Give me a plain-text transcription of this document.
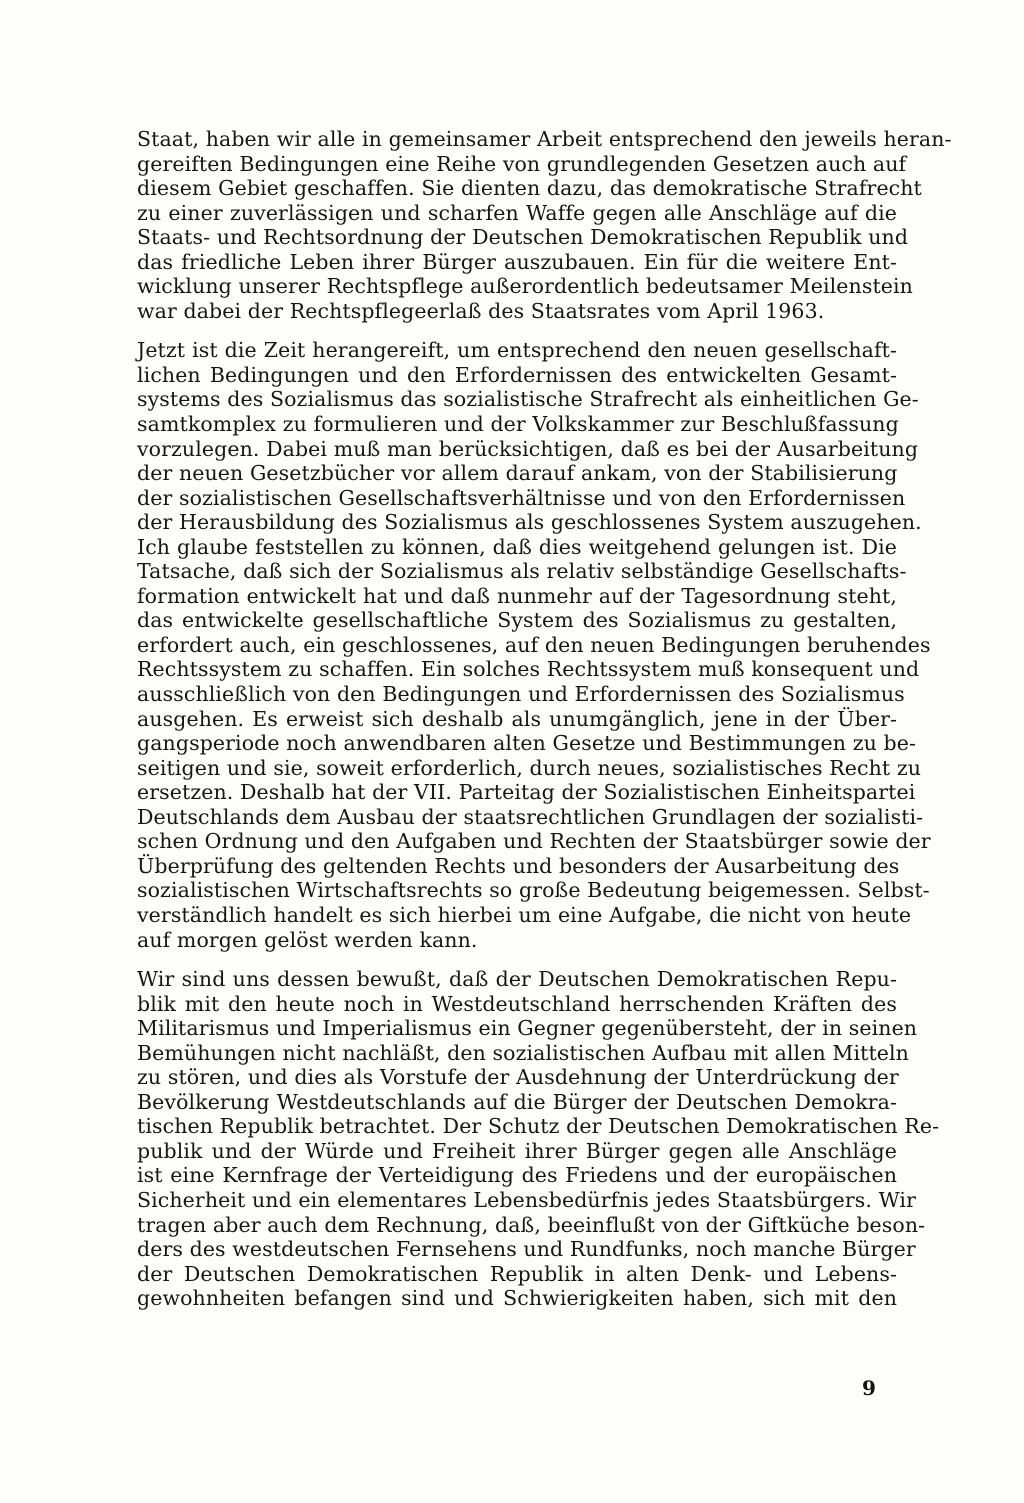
Staat, haben wir alle in gemeinsamer Arbeit entsprechend den jeweils heran-
gereiften Bedingungen eine Reihe von grundlegenden Gesetzen auch auf
diesem Gebiet geschaffen. Sie dienten dazu, das demokratische Strafrecht
zu einer zuverlässigen und scharfen Waffe gegen alle Anschläge auf die
Staats- und Rechtsordnung der Deutschen Demokratischen Republik und
das friedliche Leben ihrer Bürger auszubauen. Ein für die weitere Ent-
wicklung unserer Rechtspflege außerordentlich bedeutsamer Meilenstein
war dabei der Rechtspflegeerlaß des Staatsrates vom April 1963.

Jetzt ist die Zeit herangereift, um entsprechend den neuen gesellschaft-
lichen Bedingungen und den Erfordernissen des entwickelten Gesamt-
systems des Sozialismus das sozialistische Strafrecht als einheitlichen Ge-
samtkomplex zu formulieren und der Volkskammer zur Beschlußfassung
vorzulegen. Dabei muß man berücksichtigen, daß es bei der Ausarbeitung
der neuen Gesetzbücher vor allem darauf ankam, von der Stabilisierung
der sozialistischen Gesellschaftsverhältnisse und von den Erfordernissen
der Herausbildung des Sozialismus als geschlossenes System auszugehen.
Ich glaube feststellen zu können, daß dies weitgehend gelungen ist. Die
Tatsache, daß sich der Sozialismus als relativ selbständige Gesellschafts-
formation entwickelt hat und daß nunmehr auf der Tagesordnung steht,
das entwickelte gesellschaftliche System des Sozialismus zu gestalten,
erfordert auch, ein geschlossenes, auf den neuen Bedingungen beruhendes
Rechtssystem zu schaffen. Ein solches Rechtssystem muß konsequent und
ausschließlich von den Bedingungen und Erfordernissen des Sozialismus
ausgehen. Es erweist sich deshalb als unumgänglich, jene in der Über-
gangsperiode noch anwendbaren alten Gesetze und Bestimmungen zu be-
seitigen und sie, soweit erforderlich, durch neues, sozialistisches Recht zu
ersetzen. Deshalb hat der VII. Parteitag der Sozialistischen Einheitspartei
Deutschlands dem Ausbau der staatsrechtlichen Grundlagen der sozialisti-
schen Ordnung und den Aufgaben und Rechten der Staatsbürger sowie der
Überprüfung des geltenden Rechts und besonders der Ausarbeitung des
sozialistischen Wirtschaftsrechts so große Bedeutung beigemessen. Selbst-
verständlich handelt es sich hierbei um eine Aufgabe, die nicht von heute
auf morgen gelöst werden kann.

Wir sind uns dessen bewußt, daß der Deutschen Demokratischen Repu-
blik mit den heute noch in Westdeutschland herrschenden Kräften des
Militarismus und Imperialismus ein Gegner gegenübersteht, der in seinen
Bemühungen nicht nachläßt, den sozialistischen Aufbau mit allen Mitteln
zu stören, und dies als Vorstufe der Ausdehnung der Unterdrückung der
Bevölkerung Westdeutschlands auf die Bürger der Deutschen Demokra-
tischen Republik betrachtet. Der Schutz der Deutschen Demokratischen Re-
publik und der Würde und Freiheit ihrer Bürger gegen alle Anschläge
ist eine Kernfrage der Verteidigung des Friedens und der europäischen
Sicherheit und ein elementares Lebensbedürfnis jedes Staatsbürgers. Wir
tragen aber auch dem Rechnung, daß, beeinflußt von der Giftküche beson-
ders des westdeutschen Fernsehens und Rundfunks, noch manche Bürger
der Deutschen Demokratischen Republik in alten Denk- und Lebens-
gewohnheiten befangen sind und Schwierigkeiten haben, sich mit den

9
